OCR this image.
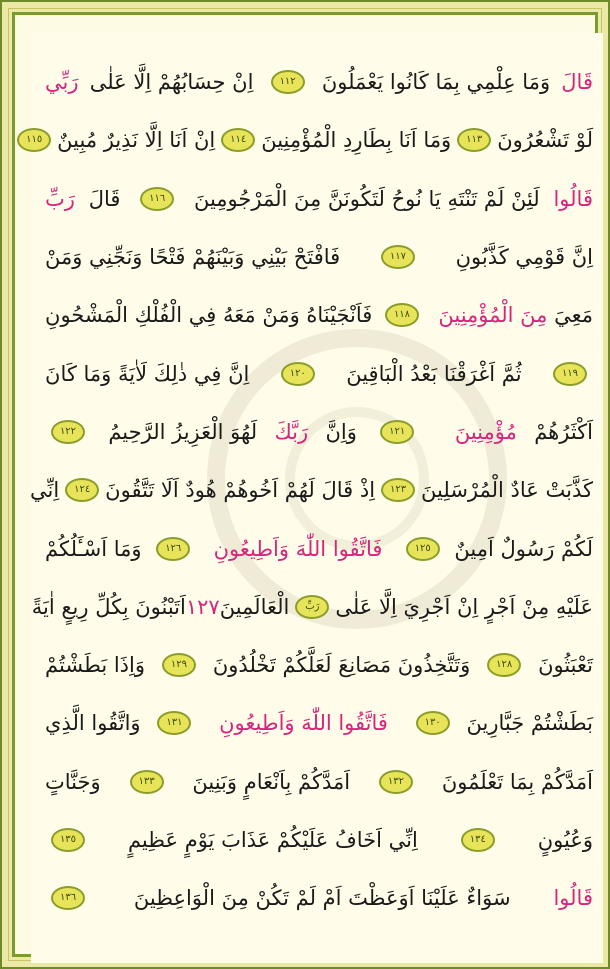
قَالَ
وَمَا عِلْمِي بِمَا كَانُوا يَعْمَلُونَ
١١٢
اِنْ حِسَابُهُمْ اِلَّا عَلٰى
رَبِّي
لَوْ تَشْعُرُونَ
١١٣
وَمَا اَنَا بِطَارِدِ الْمُؤْمِنِينَ
١١٤
اِنْ اَنَا اِلَّا نَذِيرٌ مُبِينٌ
١١٥
قَالُوا
لَئِنْ لَمْ تَنْتَهِ يَا نُوحُ لَتَكُونَنَّ مِنَ الْمَرْجُومِينَ
١١٦
قَالَ
رَبِّ
اِنَّ قَوْمِي كَذَّبُونِ
١١٧
فَافْتَحْ بَيْنِي وَبَيْنَهُمْ فَتْحًا وَنَجِّنِي وَمَنْ
مَعِيَ
مِنَ الْمُؤْمِنِينَ
١١٨
فَاَنْجَيْنَاهُ وَمَنْ مَعَهُ فِي الْفُلْكِ الْمَشْحُونِ
١١٩
ثُمَّ اَغْرَقْنَا بَعْدُ الْبَاقِينَ
١٢٠
اِنَّ فِي ذٰلِكَ لَاٰيَةً وَمَا كَانَ
اَكْثَرُهُمْ
مُؤْمِنِينَ
١٢١
وَاِنَّ
رَبَّكَ
لَهُوَ الْعَزِيزُ الرَّحِيمُ
١٢٢
كَذَّبَتْ عَادٌ الْمُرْسَلِينَ
١٢٣
اِذْ قَالَ لَهُمْ اَخُوهُمْ هُودٌ اَلَا تَتَّقُونَ
١٢٤
اِنِّي
لَكُمْ رَسُولٌ اَمِينٌ
١٢٥
فَاتَّقُوا اللّٰهَ وَاَطِيعُونِ
١٢٦
وَمَا اَسْـَٔلُكُمْ
عَلَيْهِ مِنْ اَجْرٍ اِنْ اَجْرِيَ اِلَّا عَلٰى
رَبِّ
الْعَالَمِينَ
١٢٧
اَتَبْنُونَ بِكُلِّ رِيعٍ اٰيَةً
تَعْبَثُونَ
١٢٨
وَتَتَّخِذُونَ مَصَانِعَ لَعَلَّكُمْ تَخْلُدُونَ
١٢٩
وَاِذَا بَطَشْتُمْ
بَطَشْتُمْ جَبَّارِينَ
١٣٠
فَاتَّقُوا اللّٰهَ وَاَطِيعُونِ
١٣١
وَاتَّقُوا الَّذِي
اَمَدَّكُمْ بِمَا تَعْلَمُونَ
١٣٢
اَمَدَّكُمْ بِاَنْعَامٍ وَبَنِينَ
١٣٣
وَجَنَّاتٍ
وَعُيُونٍ
١٣٤
اِنِّي اَخَافُ عَلَيْكُمْ عَذَابَ يَوْمٍ عَظِيمٍ
١٣٥
قَالُوا
سَوَاءٌ عَلَيْنَا اَوَعَظْتَ اَمْ لَمْ تَكُنْ مِنَ الْوَاعِظِينَ
١٣٦
